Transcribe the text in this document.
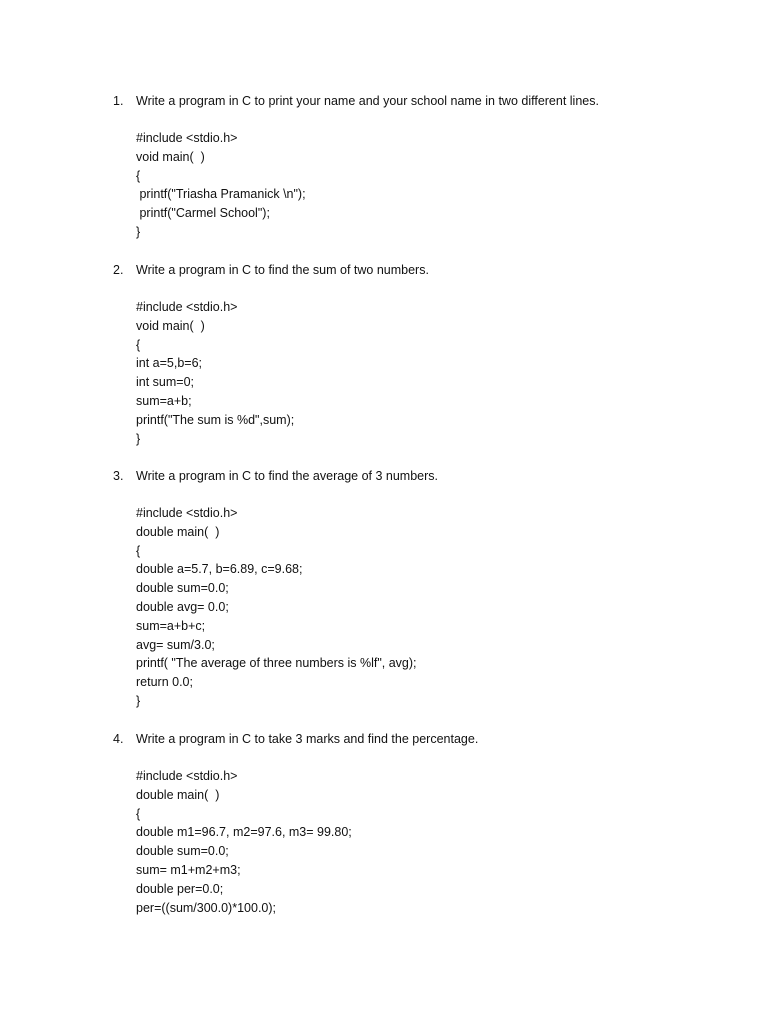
1.

Write a program in C to print your name and your school name in two different lines.

#include <stdio.h>
void main(  )
{
printf("Triasha Pramanick \n");
printf("Carmel School");
}

2.

Write a program in C to find the sum of two numbers.

#include <stdio.h>
void main(  )
{
int a=5,b=6;
int sum=0;
sum=a+b;
printf("The sum is %d",sum);
}

3.

Write a program in C to find the average of 3 numbers.

#include <stdio.h>
double main(  )
{
double a=5.7, b=6.89, c=9.68;
double sum=0.0;
double avg= 0.0;
sum=a+b+c;
avg= sum/3.0;
printf( "The average of three numbers is %lf", avg);
return 0.0;
}

4.

Write a program in C to take 3 marks and find the percentage.

#include <stdio.h>
double main(  )
{
double m1=96.7, m2=97.6, m3= 99.80;
double sum=0.0;
sum= m1+m2+m3;
double per=0.0;
per=((sum/300.0)*100.0);
